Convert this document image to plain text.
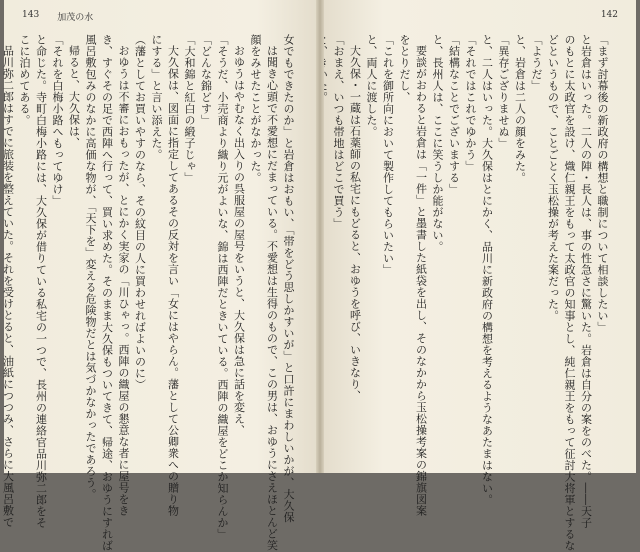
143 加茂の水
女でもできたのか」と岩倉はおもい、「帯をどう思しかすいが」と口許にまわしいかが、大久保
は聞き心頭で不愛想にだまっている。不愛想は生得のもので、この男は、おゆうにさえほとんど笑
顔をみせたことがなかった。
おゆうはやむなく出入りの呉服屋の屋号をいうと、大久保は急に話を変え、
「そうだ、小売商より織り元がよいな、錦は西陣だときいている。西陣の織屋をどこか知らんか」
「どんな錦どす」
「大和錦と紅白の緞子じゃ」
大久保は、図面に指定してあるその反対を言い「女にはやらん。藩として公卿衆への贈り物
にする」と言い添えた。
（藩としてお買いやすのなら、その紋目の人に買わせればよいのに）
おゆうは不審におもったが、とにかく実家の「川ひゃっ。西陣の織屋の懇意な者に屋号をき
き、すぐその足で西陣へ行って、買い求めた。そのまま大久保もついてきて、帰途、おゆうにすれば
風呂敷包みのなかに高価な物が、「天下を」変える危険物だとは気づかなかったであろう。
帰ると、大久保は、
「それを白梅小路へもってゆけ」
と命じた。寺町白梅小路には、大久保が借りている私宅の一つで、長州の連絡官品川弥二郎をそ
こに泊めてある。
品川弥二郎はすでに旅装を整えていた。それを受けとると、油紙につつみ、さらに大風呂敷で
142
「まず討幕後の新政府の構想と職制について相談したい」
と岩倉はいった。二人の陣・長人は、事の性急さに驚いた。岩倉は自分の案をのべた。――天子
のもとに太政官を設け、熾仁親王をもって太政官の知事とし、純仁親王をもって征討大将軍とするな
どというもので、ことごとく玉松操が考えた案だった。
「ようだ」
と、岩倉は二人の顔をみた。
「異存ござりませぬ」
と、二人はいった。大久保はとにかく、品川に新政府の構想を考えるようなあたまはない。
「それではこれでゆかう」
「結構なことでございまする」
と、長州人は、ここに笑うしか能がない。
要談がおわると岩倉は「一件」と墨書した紙袋を出し、そのなかから玉松操考案の錦旗図案
をとりだし、
「これを御所向において製作してもらいたい」
と、両人に渡した。
大久保・一蔵は石薬師の私宅にもどると、おゆうを呼び、いきなり、
「おまえ、いつも帯地はどこで買う」
